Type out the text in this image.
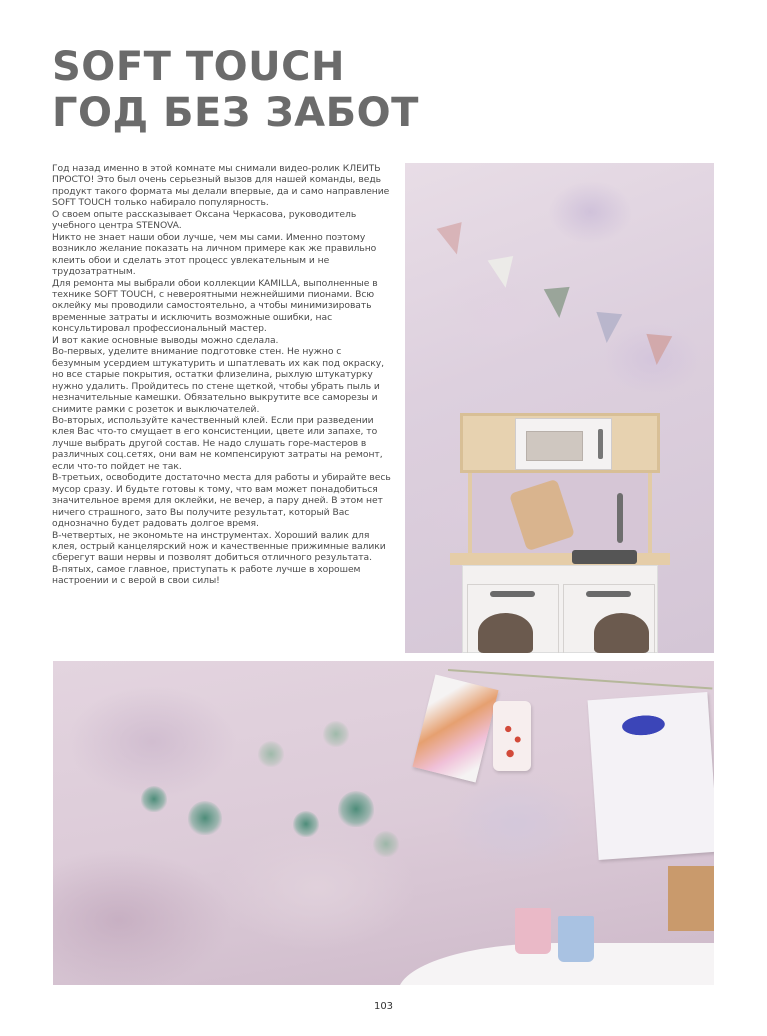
SOFT TOUCH
ГОД БЕЗ ЗАБОТ

Год назад именно в этой комнате мы снимали видео-ролик КЛЕИТЬ ПРОСТО! Это был очень серьезный вызов для нашей команды, ведь продукт такого формата мы делали впервые, да и само направление SOFT TOUCH только набирало популярность.

О своем опыте рассказывает Оксана Черкасова, руководитель учебного центра STENOVA.

Никто не знает наши обои лучше, чем мы сами. Именно поэтому возникло желание показать на личном примере как же правильно клеить обои и сделать этот процесс увлекательным и не трудозатратным.

Для ремонта мы выбрали обои коллекции KAMILLA, выполненные в технике SOFT TOUCH, с невероятными нежнейшими пионами. Всю оклейку мы проводили самостоятельно, а чтобы минимизировать временные затраты и исключить возможные ошибки, нас консультировал профессиональный мастер.

И вот какие основные выводы можно сделала.

Во-первых, уделите внимание подготовке стен. Не нужно с безумным усердием штукатурить и шпатлевать их как под окраску, но все старые покрытия, остатки флизелина, рыхлую штукатурку нужно удалить. Пройдитесь по стене щеткой, чтобы убрать пыль и незначительные камешки. Обязательно выкрутите все саморезы и снимите рамки с розеток и выключателей.

Во-вторых, используйте качественный клей. Если при разведении клея Вас что-то смущает в его консистенции, цвете или запахе, то лучше выбрать другой состав. Не надо слушать горе-мастеров в различных соц.сетях, они вам не компенсируют затраты на ремонт, если что-то пойдет не так.

В-третьих, освободите достаточно места для работы и убирайте весь мусор сразу. И будьте готовы к тому, что вам может понадобиться значительное время для оклейки, не вечер, а пару дней. В этом нет ничего страшного, зато Вы получите результат, который Вас однозначно будет радовать долгое время.

В-четвертых, не экономьте на инструментах. Хороший валик для клея, острый канцелярский нож и качественные прижимные валики сберегут ваши нервы и позволят добиться отличного результата.

В-пятых, самое главное, приступать к работе лучше в хорошем настроении и с верой в свои силы!

103
